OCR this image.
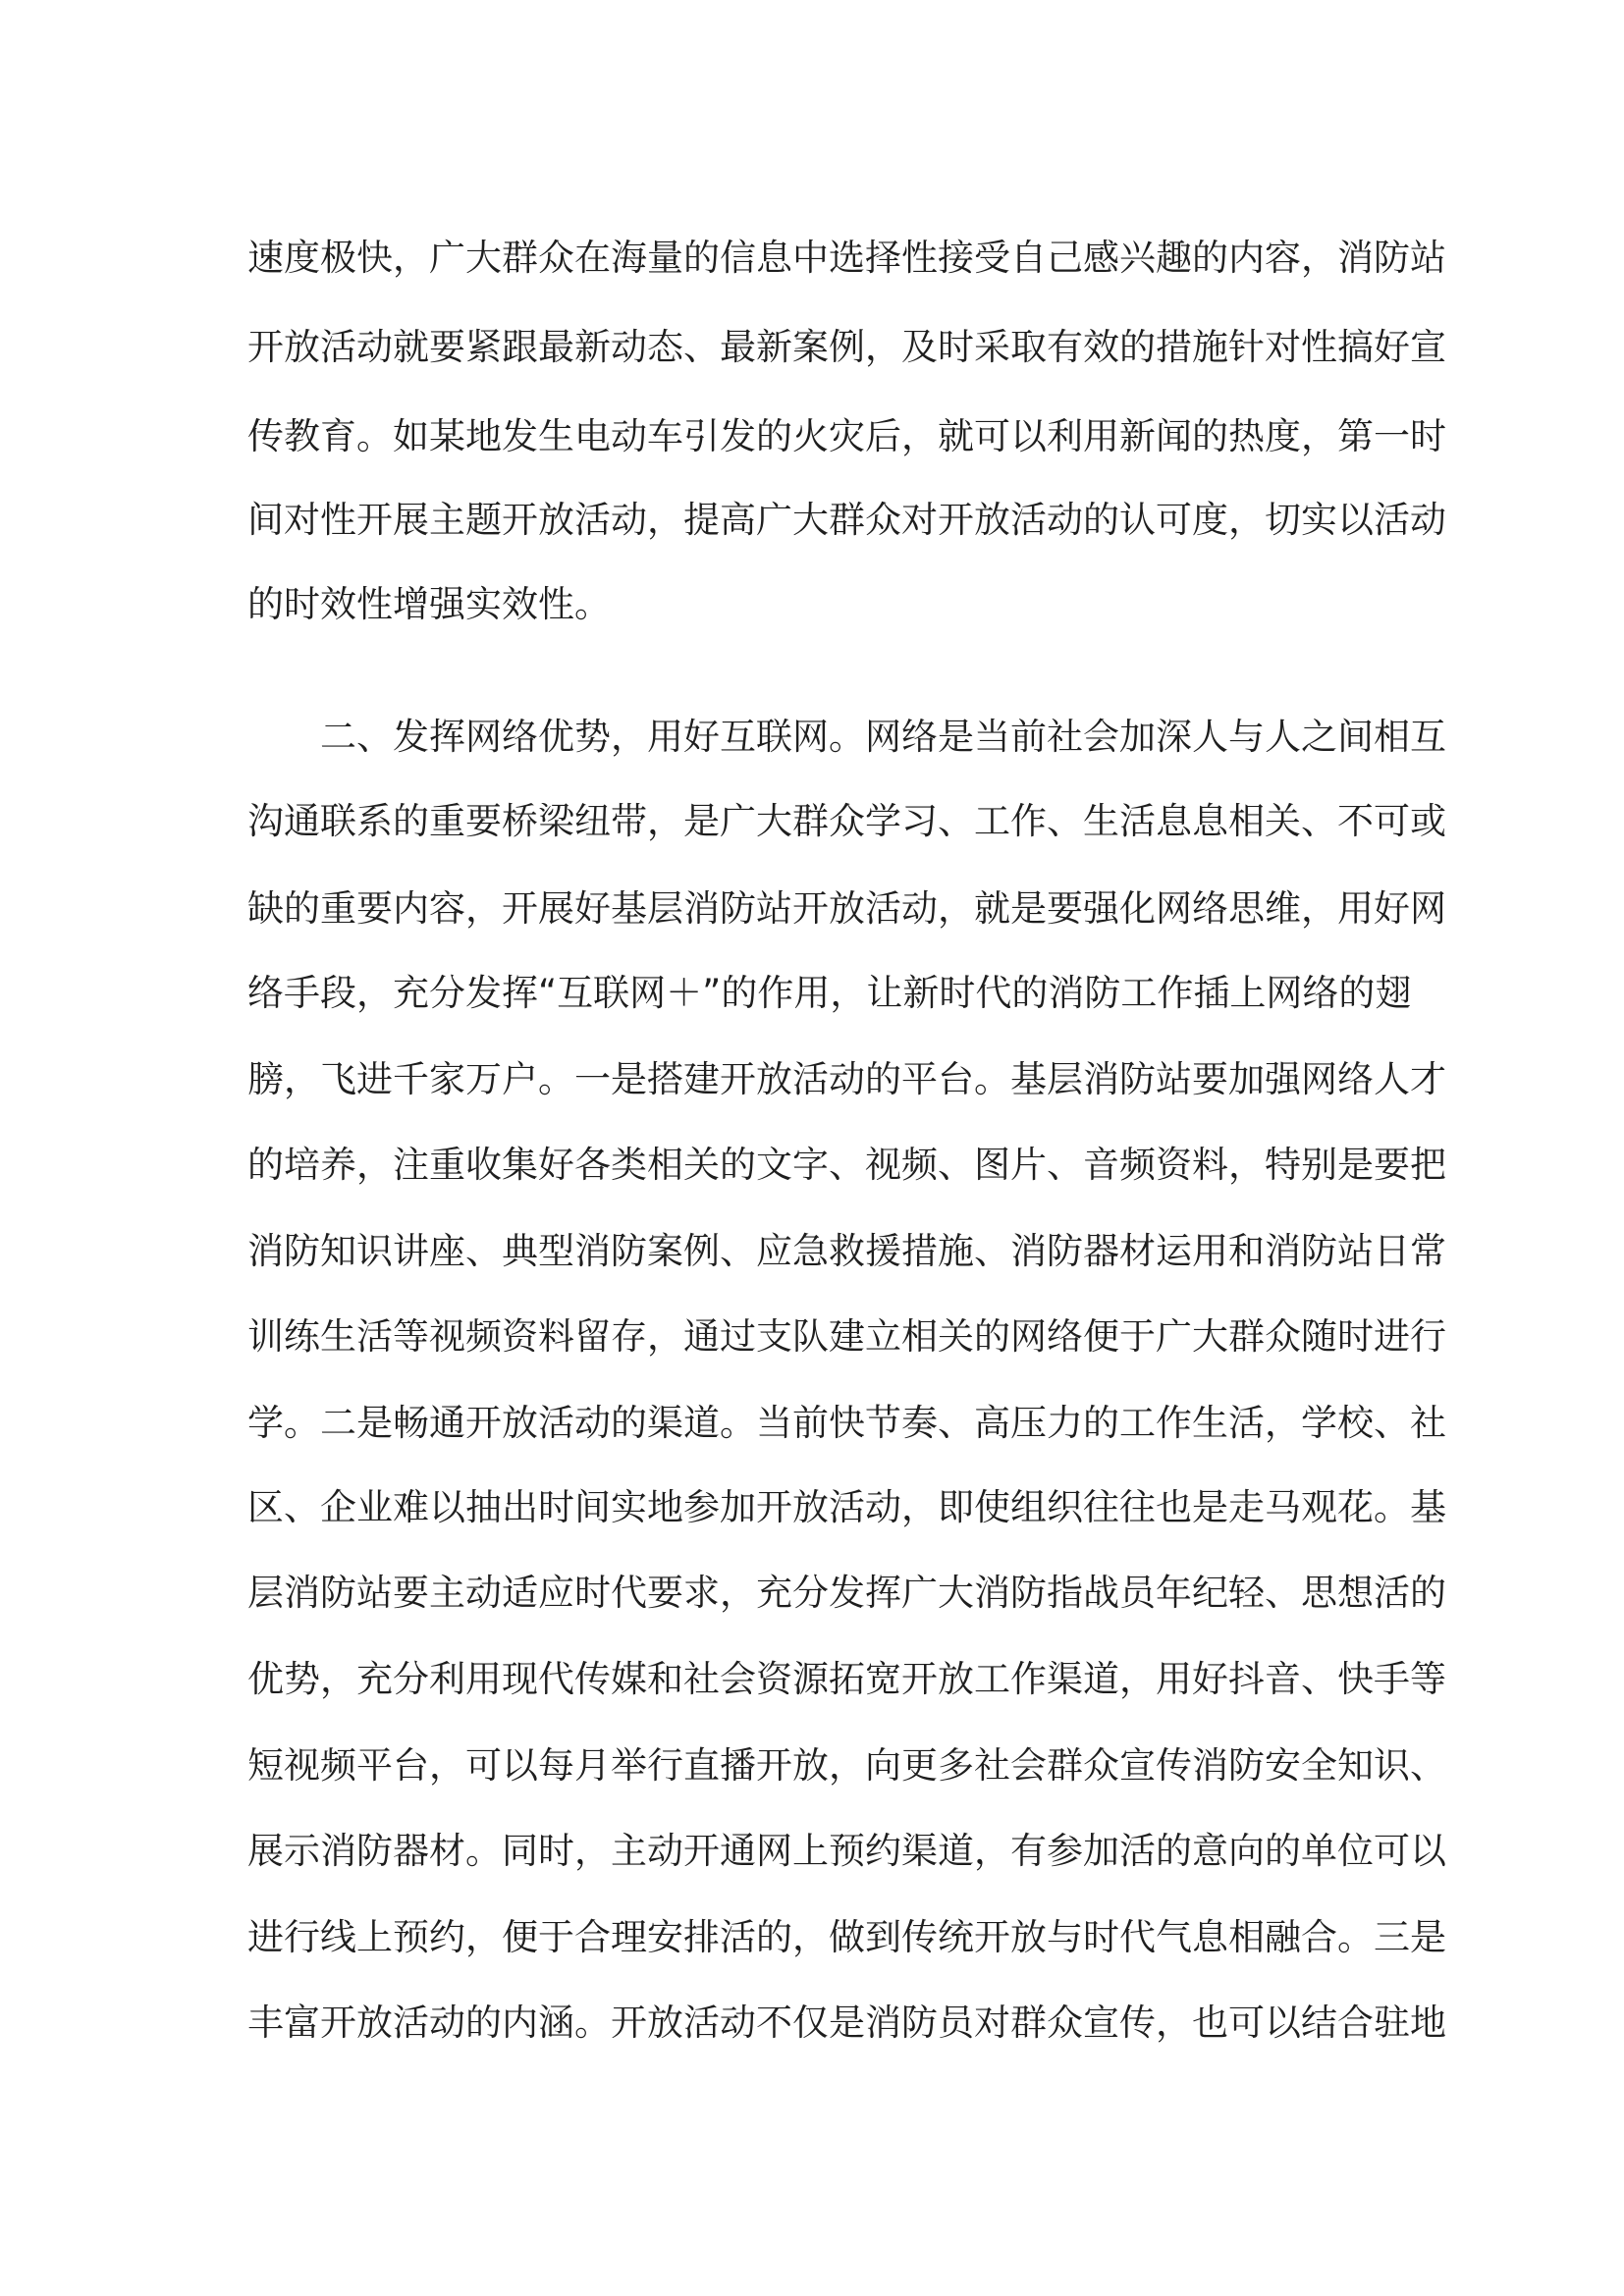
速度极快，广大群众在海量的信息中选择性接受自己感兴趣的内容，消防站
开放活动就要紧跟最新动态、最新案例，及时采取有效的措施针对性搞好宣
传教育。如某地发生电动车引发的火灾后，就可以利用新闻的热度，第一时
间对性开展主题开放活动，提高广大群众对开放活动的认可度，切实以活动
的时效性增强实效性。
二、发挥网络优势，用好互联网。网络是当前社会加深人与人之间相互
沟通联系的重要桥梁纽带，是广大群众学习、工作、生活息息相关、不可或
缺的重要内容，开展好基层消防站开放活动，就是要强化网络思维，用好网
络手段，充分发挥“互联网＋”的作用，让新时代的消防工作插上网络的翅
膀，飞进千家万户。一是搭建开放活动的平台。基层消防站要加强网络人才
的培养，注重收集好各类相关的文字、视频、图片、音频资料，特别是要把
消防知识讲座、典型消防案例、应急救援措施、消防器材运用和消防站日常
训练生活等视频资料留存，通过支队建立相关的网络便于广大群众随时进行
学。二是畅通开放活动的渠道。当前快节奏、高压力的工作生活，学校、社
区、企业难以抽出时间实地参加开放活动，即使组织往往也是走马观花。基
层消防站要主动适应时代要求，充分发挥广大消防指战员年纪轻、思想活的
优势，充分利用现代传媒和社会资源拓宽开放工作渠道，用好抖音、快手等
短视频平台，可以每月举行直播开放，向更多社会群众宣传消防安全知识、
展示消防器材。同时，主动开通网上预约渠道，有参加活的意向的单位可以
进行线上预约，便于合理安排活的，做到传统开放与时代气息相融合。三是
丰富开放活动的内涵。开放活动不仅是消防员对群众宣传，也可以结合驻地
